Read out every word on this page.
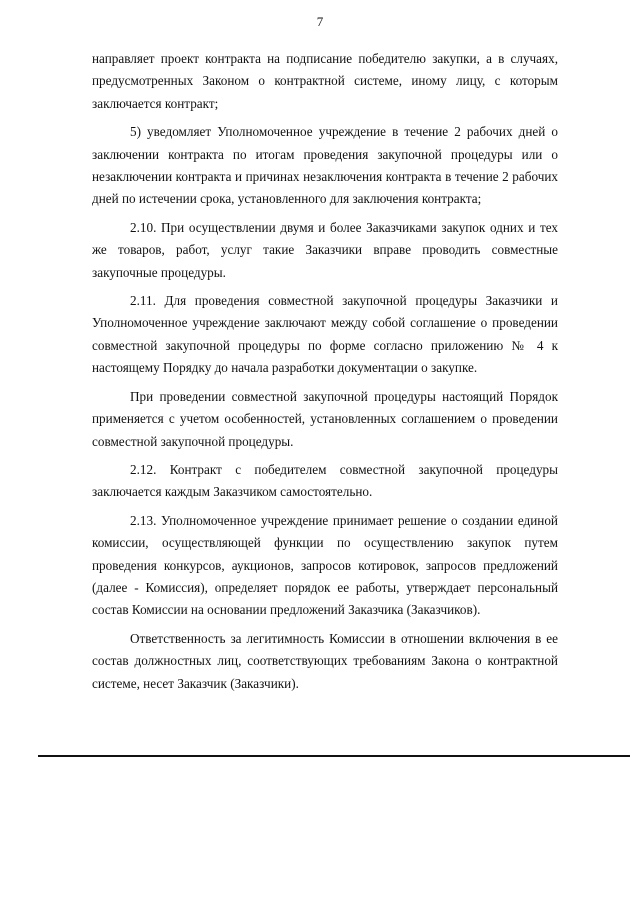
7

направляет проект контракта на подписание победителю закупки, а в случаях, предусмотренных Законом о контрактной системе, иному лицу, с которым заключается контракт;

5) уведомляет Уполномоченное учреждение в течение 2 рабочих дней о заключении контракта по итогам проведения закупочной процедуры или о незаключении контракта и причинах незаключения контракта в течение 2 рабочих дней по истечении срока, установленного для заключения контракта;

2.10. При осуществлении двумя и более Заказчиками закупок одних и тех же товаров, работ, услуг такие Заказчики вправе проводить совместные закупочные процедуры.

2.11. Для проведения совместной закупочной процедуры Заказчики и Уполномоченное учреждение заключают между собой соглашение о проведении совместной закупочной процедуры по форме согласно приложению № 4 к настоящему Порядку до начала разработки документации о закупке.

При проведении совместной закупочной процедуры настоящий Порядок применяется с учетом особенностей, установленных соглашением о проведении совместной закупочной процедуры.

2.12. Контракт с победителем совместной закупочной процедуры заключается каждым Заказчиком самостоятельно.

2.13. Уполномоченное учреждение принимает решение о создании единой комиссии, осуществляющей функции по осуществлению закупок путем проведения конкурсов, аукционов, запросов котировок, запросов предложений (далее - Комиссия), определяет порядок ее работы, утверждает персональный состав Комиссии на основании предложений Заказчика (Заказчиков).

Ответственность за легитимность Комиссии в отношении включения в ее состав должностных лиц, соответствующих требованиям Закона о контрактной системе, несет Заказчик (Заказчики).
